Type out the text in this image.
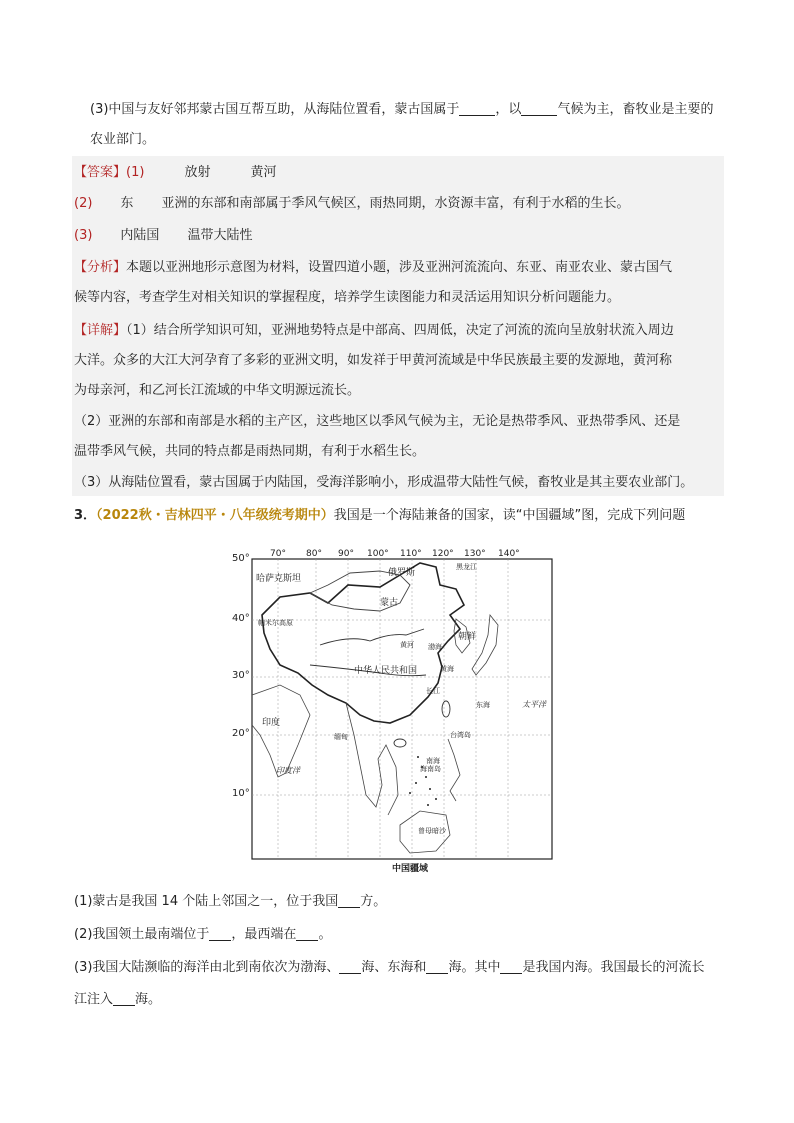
(3)中国与友好邻邦蒙古国互帮互助，从海陆位置看，蒙古国属于	，以	气候为主，畜牧业是主要的
农业部门。
【答案】(1)	放射	黄河
(2) 东 亚洲的东部和南部属于季风气候区，雨热同期，水资源丰富，有利于水稻的生长。
(3) 内陆国 温带大陆性
【分析】本题以亚洲地形示意图为材料，设置四道小题，涉及亚洲河流流向、东亚、南亚农业、蒙古国气
候等内容，考查学生对相关知识的掌握程度，培养学生读图能力和灵活运用知识分析问题能力。
【详解】（1）结合所学知识可知，亚洲地势特点是中部高、四周低，决定了河流的流向呈放射状流入周边
大洋。众多的大江大河孕育了多彩的亚洲文明，如发祥于甲黄河流域是中华民族最主要的发源地，黄河称
为母亲河，和乙河长江流域的中华文明源远流长。
（2）亚洲的东部和南部是水稻的主产区，这些地区以季风气候为主，无论是热带季风、亚热带季风、还是
温带季风气候，共同的特点都是雨热同期，有利于水稻生长。
（3）从海陆位置看，蒙古国属于内陆国，受海洋影响小，形成温带大陆性气候，畜牧业是其主要农业部门。
3．（2022秋・吉林四平・八年级统考期中）我国是一个海陆兼备的国家，读“中国疆域”图，完成下列问题
70° 80° 90° 100° 110° 120° 130° 140°
哈萨克斯坦
俄罗斯
黑龙江
蒙古
帕米尔高原
黄河 渤海
朝鲜
中华人民共和国	黄海
长江
东海	太平洋
印度
缅甸	台湾岛
印度洋
南海
海南岛
曾母暗沙
中国疆域
50°
40°
30°
20°
10°
(1)蒙古是我国 14 个陆上邻国之一，位于我国 方。
(2)我国领土最南端位于 ，最西端在 。
(3)我国大陆濒临的海洋由北到南依次为渤海、 海、东海和 海。其中 是我国内海。我国最长的河流长
江注入 海。
